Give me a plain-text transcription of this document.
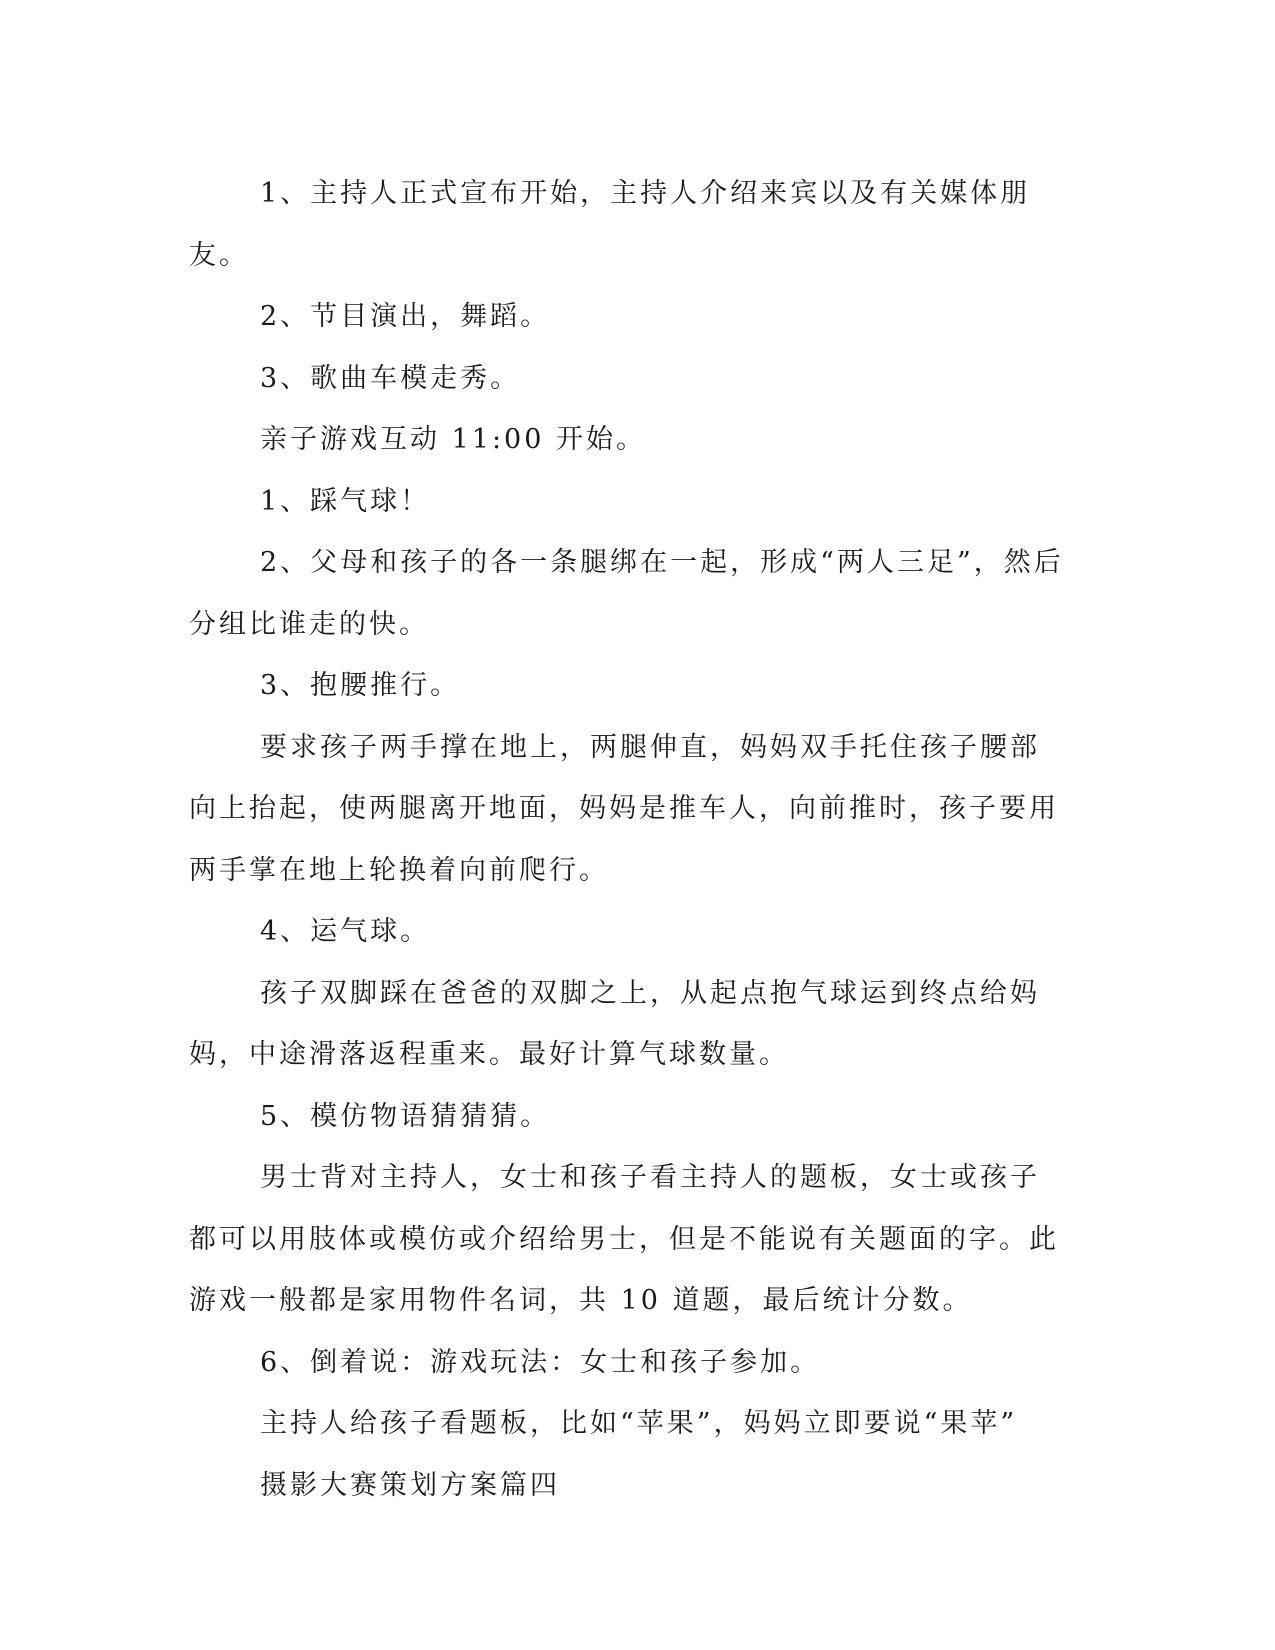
1、主持人正式宣布开始，主持人介绍来宾以及有关媒体朋友。

2、节目演出，舞蹈。

3、歌曲车模走秀。

亲子游戏互动 11:00 开始。

1、踩气球！

2、父母和孩子的各一条腿绑在一起，形成“两人三足”，然后分组比谁走的快。

3、抱腰推行。

要求孩子两手撑在地上，两腿伸直，妈妈双手托住孩子腰部向上抬起，使两腿离开地面，妈妈是推车人，向前推时，孩子要用两手掌在地上轮换着向前爬行。

4、运气球。

孩子双脚踩在爸爸的双脚之上，从起点抱气球运到终点给妈妈，中途滑落返程重来。最好计算气球数量。

5、模仿物语猜猜猜。

男士背对主持人，女士和孩子看主持人的题板，女士或孩子都可以用肢体或模仿或介绍给男士，但是不能说有关题面的字。此游戏一般都是家用物件名词，共 10 道题，最后统计分数。

6、倒着说：游戏玩法：女士和孩子参加。

主持人给孩子看题板，比如“苹果”，妈妈立即要说“果苹”

摄影大赛策划方案篇四
